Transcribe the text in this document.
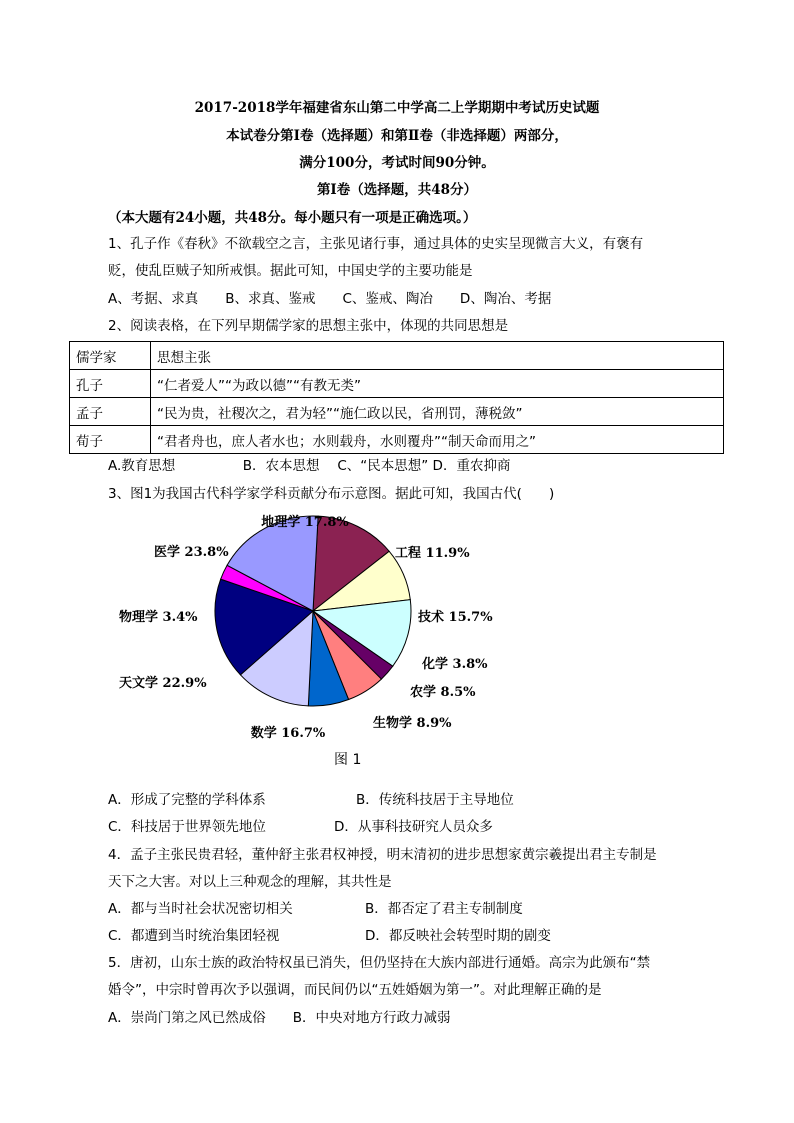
2017-2018学年福建省东山第二中学高二上学期期中考试历史试题
本试卷分第Ⅰ卷（选择题）和第Ⅱ卷（非选择题）两部分，
满分100分，考试时间90分钟。
第Ⅰ卷（选择题，共48分）
（本大题有24小题，共48分。每小题只有一项是正确选项。）
1、孔子作《春秋》不欲载空之言，主张见诸行事，通过具体的史实呈现微言大义，有褒有
贬，使乱臣贼子知所戒惧。据此可知，中国史学的主要功能是
A、考据、求真　　B、求真、鉴戒　　C、鉴戒、陶冶　　D、陶冶、考据
2、阅读表格，在下列早期儒学家的思想主张中，体现的共同思想是
儒学家	思想主张
孔子	“仁者爱人”“为政以德”“有教无类”
孟子	“民为贵，社稷次之，君为轻”“施仁政以民，省刑罚，薄税敛”
荀子	“君者舟也，庶人者水也；水则载舟，水则覆舟”“制天命而用之”
A.教育思想　　　　　B．农本思想　 C、“民本思想” D．重农抑商
3、图1为我国古代科学家学科贡献分布示意图。据此可知，我国古代(　　)
地理学 17.8%
工程 11.9%
技术 15.7%
化学 3.8%
农学 8.5%
生物学 8.9%
数学 16.7%
天文学 22.9%
物理学 3.4%
医学 23.8%
图 1
A．形成了完整的学科体系	B．传统科技居于主导地位
C．科技居于世界领先地位	D．从事科技研究人员众多
4．孟子主张民贵君轻，董仲舒主张君权神授，明末清初的进步思想家黄宗羲提出君主专制是
天下之大害。对以上三种观念的理解，其共性是
A．都与当时社会状况密切相关	B．都否定了君主专制制度
C．都遭到当时统治集团轻视	D．都反映社会转型时期的剧变
5．唐初，山东士族的政治特权虽已消失，但仍坚持在大族内部进行通婚。高宗为此颁布“禁
婚令”，中宗时曾再次予以强调，而民间仍以“五姓婚姻为第一”。对此理解正确的是
A．崇尚门第之风已然成俗　　B．中央对地方行政力减弱
